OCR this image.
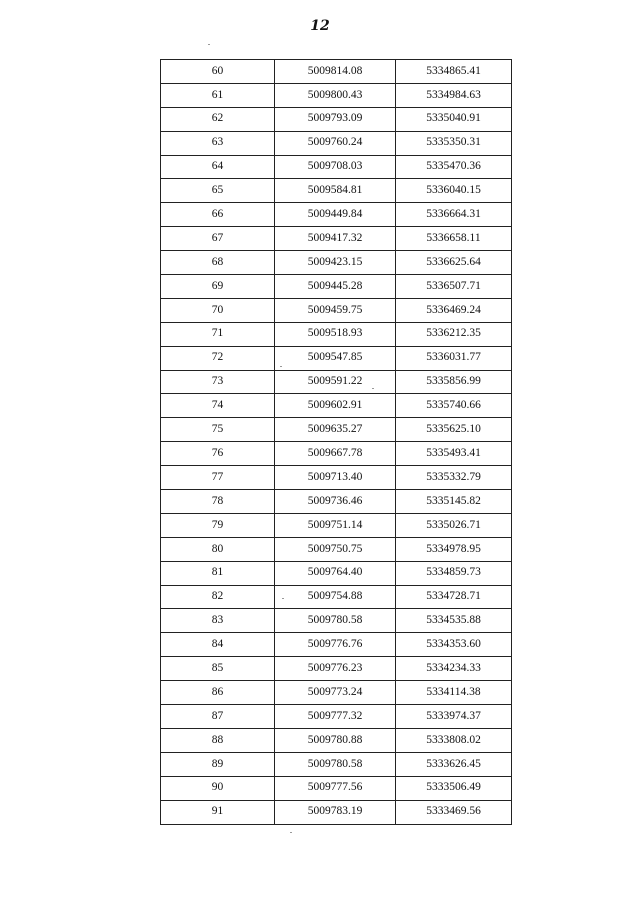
12
60	5009814.08	5334865.41
61	5009800.43	5334984.63
62	5009793.09	5335040.91
63	5009760.24	5335350.31
64	5009708.03	5335470.36
65	5009584.81	5336040.15
66	5009449.84	5336664.31
67	5009417.32	5336658.11
68	5009423.15	5336625.64
69	5009445.28	5336507.71
70	5009459.75	5336469.24
71	5009518.93	5336212.35
72	5009547.85	5336031.77
73	5009591.22	5335856.99
74	5009602.91	5335740.66
75	5009635.27	5335625.10
76	5009667.78	5335493.41
77	5009713.40	5335332.79
78	5009736.46	5335145.82
79	5009751.14	5335026.71
80	5009750.75	5334978.95
81	5009764.40	5334859.73
82	5009754.88	5334728.71
83	5009780.58	5334535.88
84	5009776.76	5334353.60
85	5009776.23	5334234.33
86	5009773.24	5334114.38
87	5009777.32	5333974.37
88	5009780.88	5333808.02
89	5009780.58	5333626.45
90	5009777.56	5333506.49
91	5009783.19	5333469.56
